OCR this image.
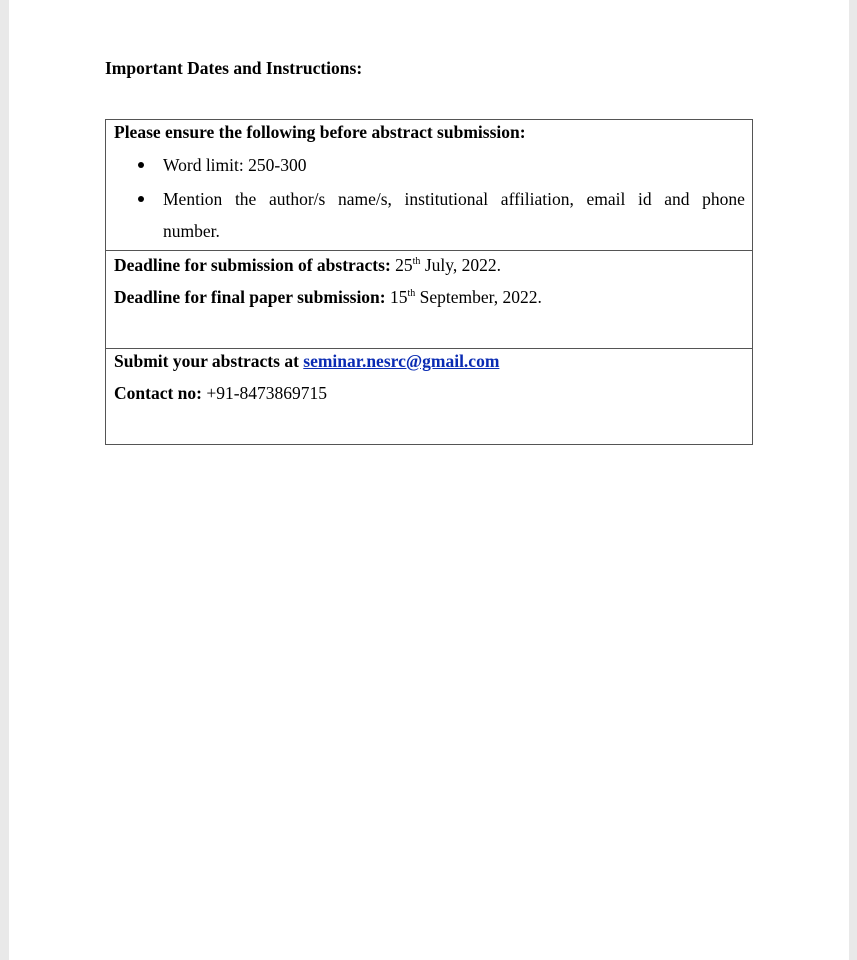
Important Dates and Instructions:
Please ensure the following before abstract submission:
Word limit: 250-300
Mention the author/s name/s, institutional affiliation, email id and phone
number.
Deadline for submission of abstracts: 25th July, 2022.
Deadline for final paper submission: 15th September, 2022.
Submit your abstracts at seminar.nesrc@gmail.com
Contact no: +91-8473869715
